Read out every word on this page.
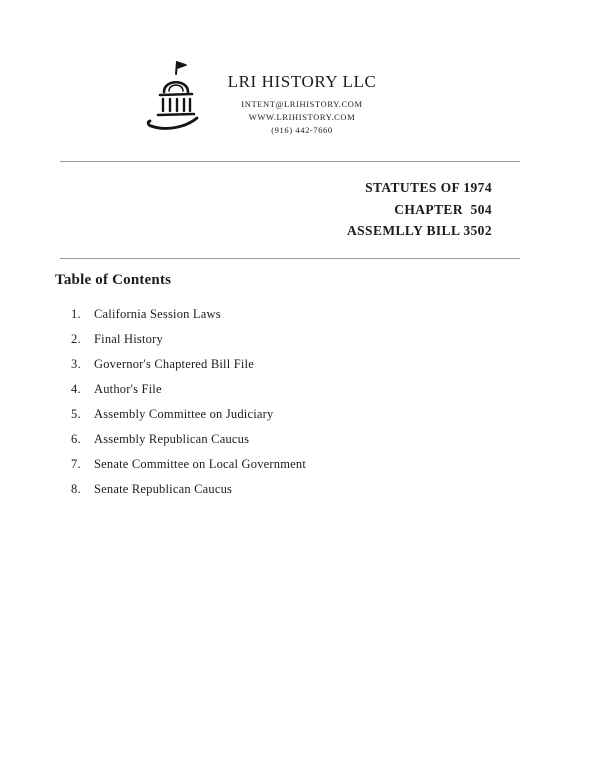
LRI HISTORY LLC
INTENT@LRIHISTORY.COM
WWW.LRIHISTORY.COM
(916) 442-7660
STATUTES OF 1974
CHAPTER  504
ASSEMLLY BILL 3502
Table of Contents
1.	California Session Laws
2.	Final History
3.	Governor's Chaptered Bill File
4.	Author's File
5.	Assembly Committee on Judiciary
6.	Assembly Republican Caucus
7.	Senate Committee on Local Government
8.	Senate Republican Caucus
